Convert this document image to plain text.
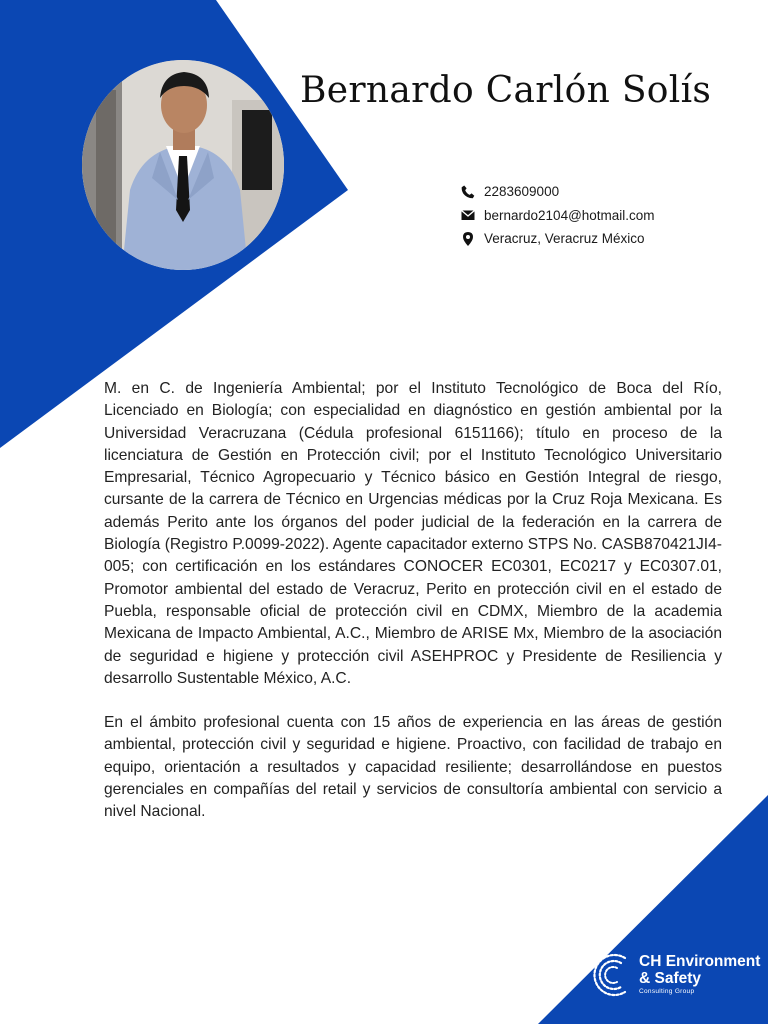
Bernardo Carlón Solís
2283609000
bernardo2104@hotmail.com
Veracruz, Veracruz México

M. en C. de Ingeniería Ambiental; por el Instituto Tecnológico de Boca del Río, Licenciado en Biología; con especialidad en diagnóstico en gestión ambiental por la Universidad Veracruzana (Cédula profesional 6151166); título en proceso de la licenciatura de Gestión en Protección civil; por el Instituto Tecnológico Universitario Empresarial, Técnico Agropecuario y Técnico básico en Gestión Integral de riesgo, cursante de la carrera de Técnico en Urgencias médicas por la Cruz Roja Mexicana. Es además Perito ante los órganos del poder judicial de la federación en la carrera de Biología (Registro P.0099-2022). Agente capacitador externo STPS No. CASB870421JI4-005; con certificación en los estándares CONOCER EC0301, EC0217 y EC0307.01, Promotor ambiental del estado de Veracruz, Perito en protección civil en el estado de Puebla, responsable oficial de protección civil en CDMX, Miembro de la academia Mexicana de Impacto Ambiental, A.C., Miembro de ARISE Mx, Miembro de la asociación de seguridad e higiene y protección civil ASEHPROC y Presidente de Resiliencia y desarrollo Sustentable México, A.C.

En el ámbito profesional cuenta con 15 años de experiencia en las áreas de gestión ambiental, protección civil y seguridad e higiene. Proactivo, con facilidad de trabajo en equipo, orientación a resultados y capacidad resiliente; desarrollándose en puestos gerenciales en compañías del retail y servicios de consultoría ambiental con servicio a nivel Nacional.

CH Environment
& Safety
Consulting Group
